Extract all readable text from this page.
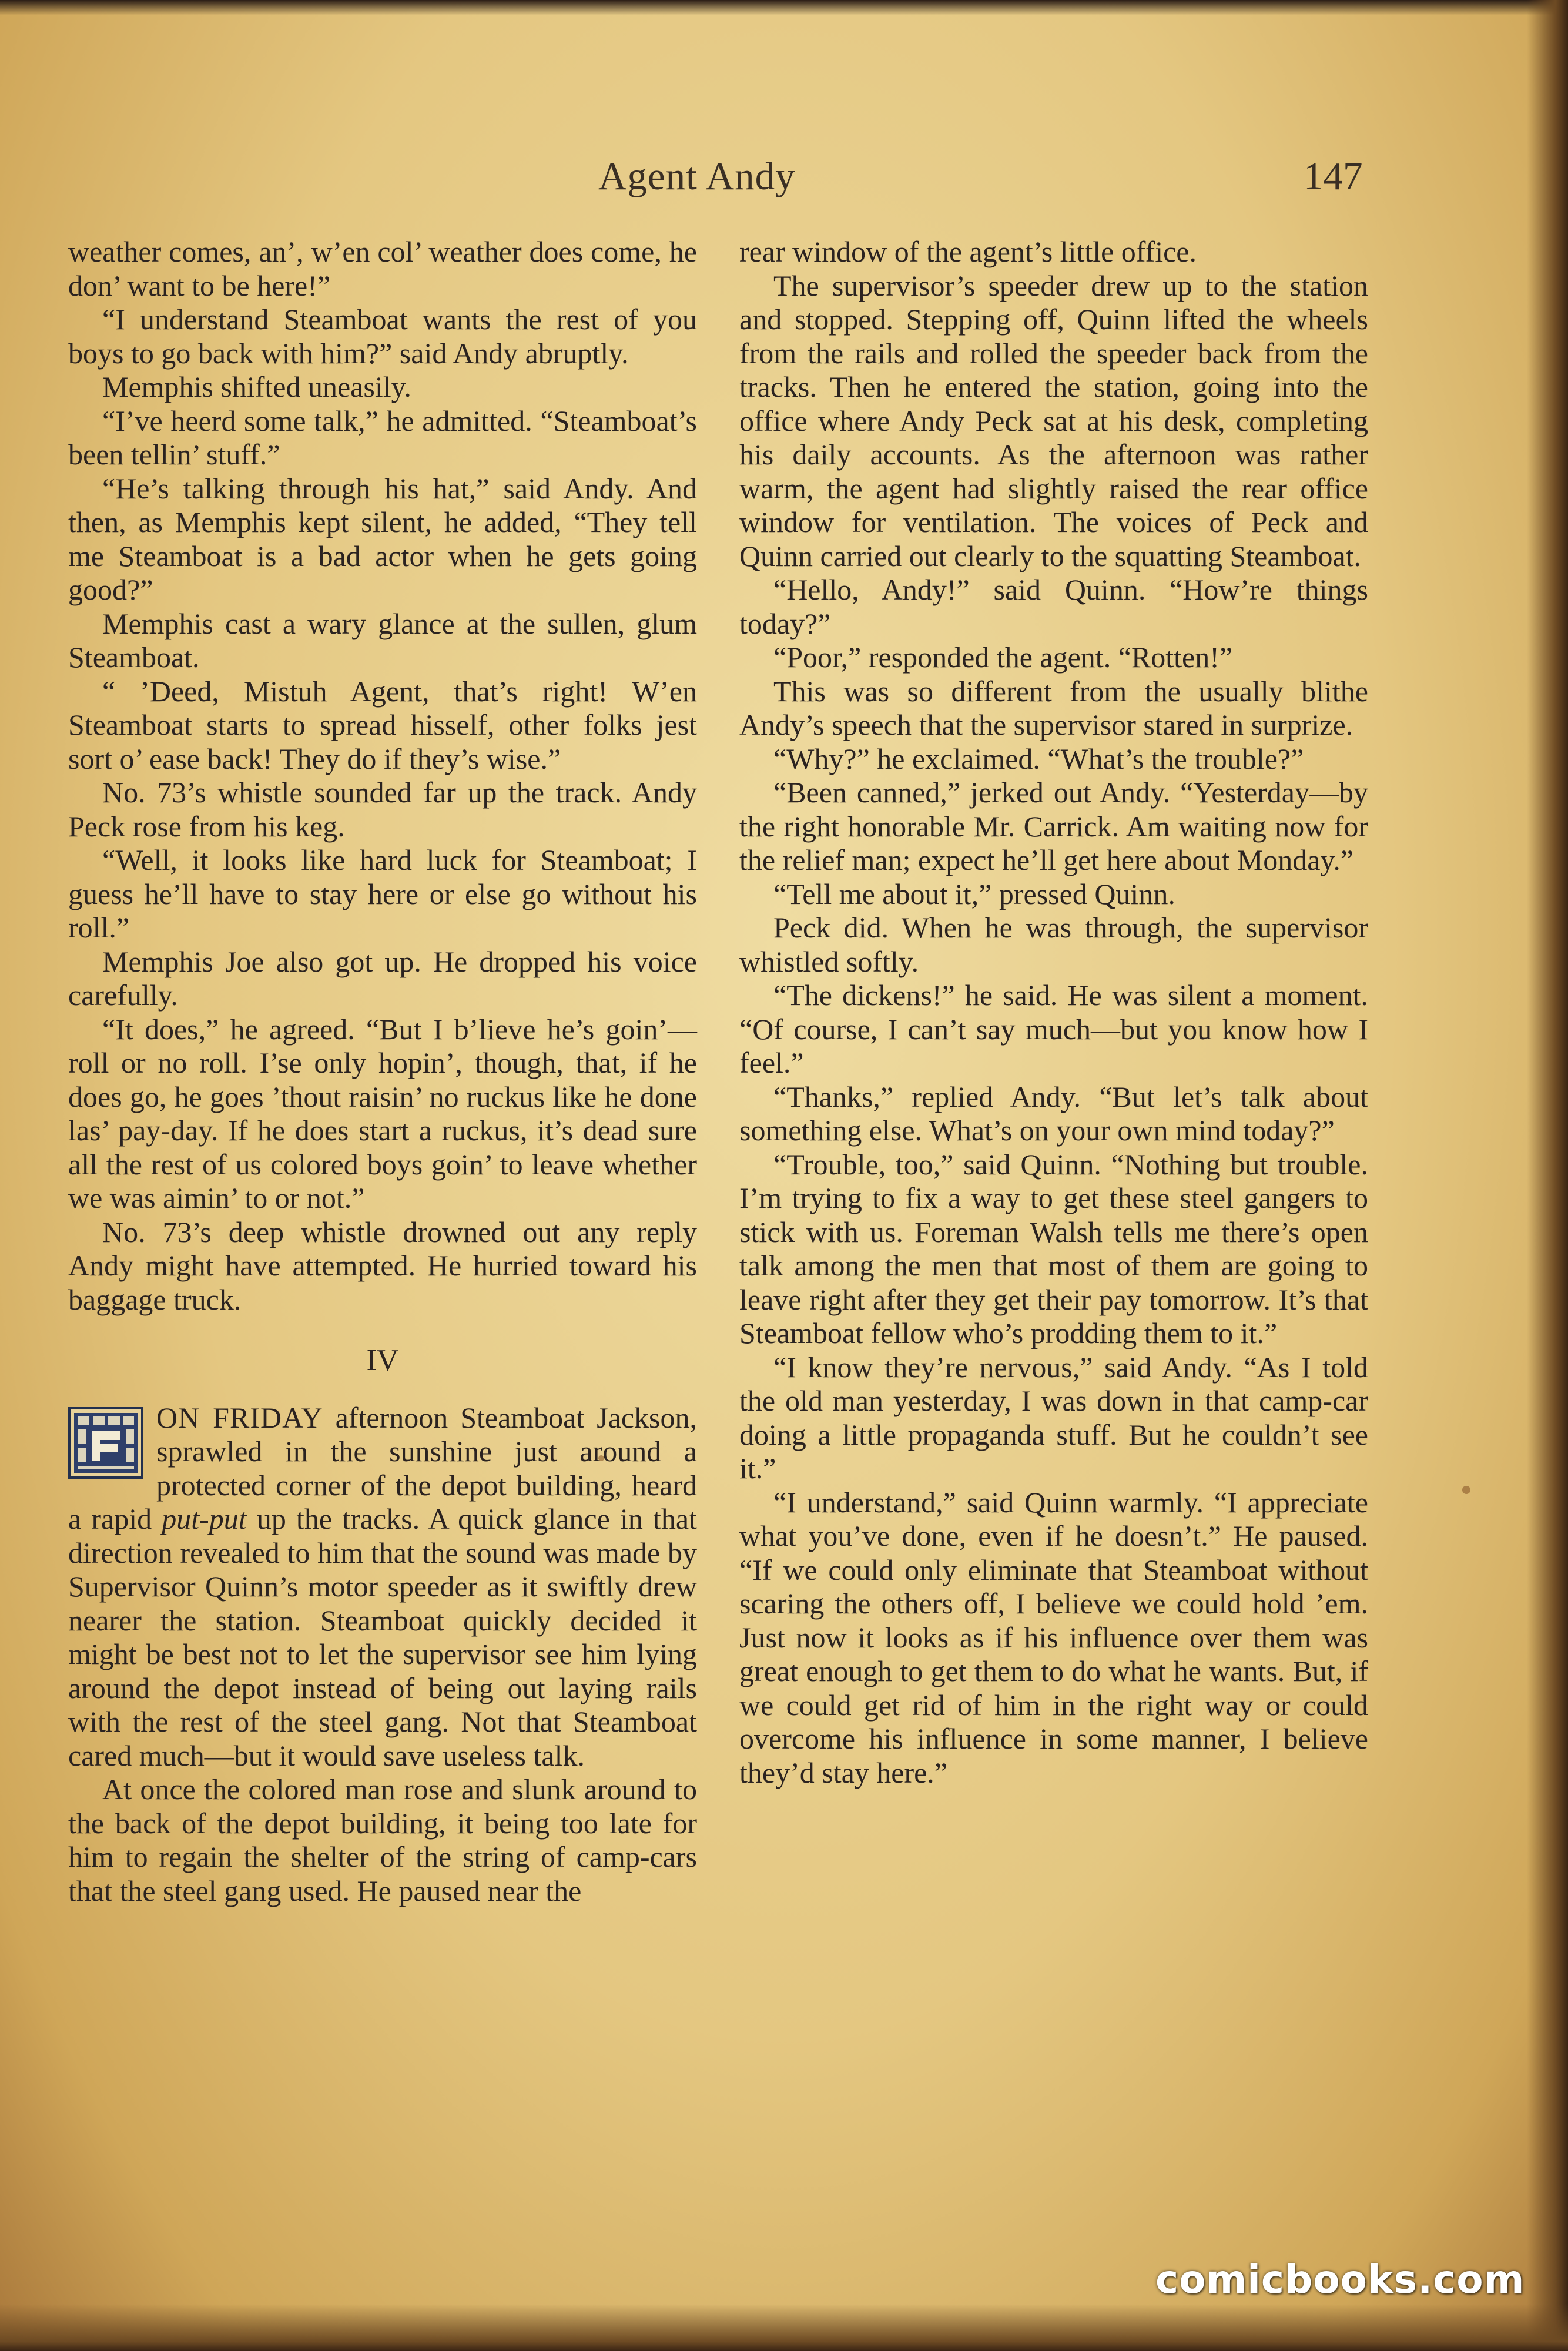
Agent Andy	147

weather comes, an’, w’en col’ weather does come, he don’ want to be here!”

“I understand Steamboat wants the rest of you boys to go back with him?” said Andy abruptly.

Memphis shifted uneasily.

“I’ve heerd some talk,” he admitted. “Steamboat’s been tellin’ stuff.”

“He’s talking through his hat,” said Andy. And then, as Memphis kept silent, he added, “They tell me Steamboat is a bad actor when he gets going good?”

Memphis cast a wary glance at the sullen, glum Steamboat.

“ ’Deed, Mistuh Agent, that’s right! W’en Steamboat starts to spread hisself, other folks jest sort o’ ease back! They do if they’s wise.”

No. 73’s whistle sounded far up the track. Andy Peck rose from his keg.

“Well, it looks like hard luck for Steamboat; I guess he’ll have to stay here or else go without his roll.”

Memphis Joe also got up. He dropped his voice carefully.

“It does,” he agreed. “But I b’lieve he’s goin’—roll or no roll. I’se only hopin’, though, that, if he does go, he goes ’thout raisin’ no ruckus like he done las’ pay-day. If he does start a ruckus, it’s dead sure all the rest of us colored boys goin’ to leave whether we was aimin’ to or not.”

No. 73’s deep whistle drowned out any reply Andy might have attempted. He hurried toward his baggage truck.

IV

ON FRIDAY afternoon Steamboat Jackson, sprawled in the sunshine just around a protected corner of the depot building, heard a rapid put-put up the tracks. A quick glance in that direction revealed to him that the sound was made by Supervisor Quinn’s motor speeder as it swiftly drew nearer the station. Steamboat quickly decided it might be best not to let the supervisor see him lying around the depot instead of being out laying rails with the rest of the steel gang. Not that Steamboat cared much—but it would save useless talk.

At once the colored man rose and slunk around to the back of the depot building, it being too late for him to regain the shelter of the string of camp-cars that the steel gang used. He paused near the

rear window of the agent’s little office.

The supervisor’s speeder drew up to the station and stopped. Stepping off, Quinn lifted the wheels from the rails and rolled the speeder back from the tracks. Then he entered the station, going into the office where Andy Peck sat at his desk, completing his daily accounts. As the afternoon was rather warm, the agent had slightly raised the rear office window for ventilation. The voices of Peck and Quinn carried out clearly to the squatting Steamboat.

“Hello, Andy!” said Quinn. “How’re things today?”

“Poor,” responded the agent. “Rotten!”

This was so different from the usually blithe Andy’s speech that the supervisor stared in surprize.

“Why?” he exclaimed. “What’s the trouble?”

“Been canned,” jerked out Andy. “Yesterday—by the right honorable Mr. Carrick. Am waiting now for the relief man; expect he’ll get here about Monday.”

“Tell me about it,” pressed Quinn.

Peck did. When he was through, the supervisor whistled softly.

“The dickens!” he said. He was silent a moment. “Of course, I can’t say much—but you know how I feel.”

“Thanks,” replied Andy. “But let’s talk about something else. What’s on your own mind today?”

“Trouble, too,” said Quinn. “Nothing but trouble. I’m trying to fix a way to get these steel gangers to stick with us. Foreman Walsh tells me there’s open talk among the men that most of them are going to leave right after they get their pay tomorrow. It’s that Steamboat fellow who’s prodding them to it.”

“I know they’re nervous,” said Andy. “As I told the old man yesterday, I was down in that camp-car doing a little propaganda stuff. But he couldn’t see it.”

“I understand,” said Quinn warmly. “I appreciate what you’ve done, even if he doesn’t.” He paused. “If we could only eliminate that Steamboat without scaring the others off, I believe we could hold ’em. Just now it looks as if his influence over them was great enough to get them to do what he wants. But, if we could get rid of him in the right way or could overcome his influence in some manner, I believe they’d stay here.”

comicbooks.com
